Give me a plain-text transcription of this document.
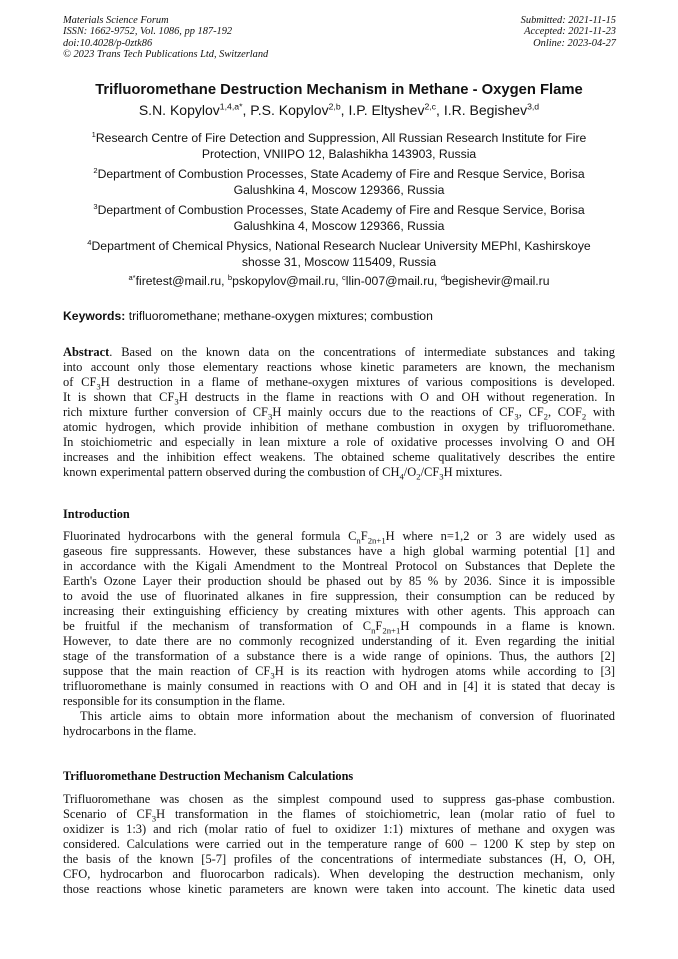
Materials Science Forum
ISSN: 1662-9752, Vol. 1086, pp 187-192
doi:10.4028/p-0ztk86
© 2023 Trans Tech Publications Ltd, Switzerland
Submitted: 2021-11-15
Accepted: 2021-11-23
Online: 2023-04-27
Trifluoromethane Destruction Mechanism in Methane - Oxygen Flame
S.N. Kopylov$^{1,4,a*}$, P.S. Kopylov$^{2,b}$, I.P. Eltyshev$^{2,c}$, I.R. Begishev$^{3,d}$
$^1$Research Centre of Fire Detection and Suppression, All Russian Research Institute for Fire
Protection, VNIIPO 12, Balashikha 143903, Russia
$^2$Department of Combustion Processes, State Academy of Fire and Resque Service, Borisa
Galushkina 4, Moscow 129366, Russia
$^3$Department of Combustion Processes, State Academy of Fire and Resque Service, Borisa
Galushkina 4, Moscow 129366, Russia
$^4$Department of Chemical Physics, National Research Nuclear University MEPhI, Kashirskoye
shosse 31, Moscow 115409, Russia
$^{a*}$firetest@mail.ru, $^b$pskopylov@mail.ru, $^c$llin-007@mail.ru, $^d$begishevir@mail.ru
Keywords: trifluoromethane; methane-oxygen mixtures; combustion
Abstract. Based on the known data on the concentrations of intermediate substances and taking
into account only those elementary reactions whose kinetic parameters are known, the mechanism
of $CF_3H$ destruction in a flame of methane-oxygen mixtures of various compositions is developed.
It is shown that $CF_3H$ destructs in the flame in reactions with O and OH without regeneration. In
rich mixture further conversion of $CF_3H$ mainly occurs due to the reactions of $CF_3$, $CF_2$, $COF_2$ with
atomic hydrogen, which provide inhibition of methane combustion in oxygen by trifluoromethane.
In stoichiometric and especially in lean mixture a role of oxidative processes involving O and OH
increases and the inhibition effect weakens. The obtained scheme qualitatively describes the entire
known experimental pattern observed during the combustion of $CH_4/O_2/CF_3H$ mixtures.
Introduction
Fluorinated hydrocarbons with the general formula $C_nF_{2n+1}H$ where n=1,2 or 3 are widely used as
gaseous fire suppressants. However, these substances have a high global warming potential [1] and
in accordance with the Kigali Amendment to the Montreal Protocol on Substances that Deplete the
Earth's Ozone Layer their production should be phased out by 85 % by 2036. Since it is impossible
to avoid the use of fluorinated alkanes in fire suppression, their consumption can be reduced by
increasing their extinguishing efficiency by creating mixtures with other agents. This approach can
be fruitful if the mechanism of transformation of $C_nF_{2n+1}H$ compounds in a flame is known.
However, to date there are no commonly recognized understanding of it. Even regarding the initial
stage of the transformation of a substance there is a wide range of opinions. Thus, the authors [2]
suppose that the main reaction of $CF_3H$ is its reaction with hydrogen atoms while according to [3]
trifluoromethane is mainly consumed in reactions with O and OH and in [4] it is stated that decay is
responsible for its consumption in the flame.
This article aims to obtain more information about the mechanism of conversion of fluorinated
hydrocarbons in the flame.
Trifluoromethane Destruction Mechanism Calculations
Trifluoromethane was chosen as the simplest compound used to suppress gas-phase combustion.
Scenario of $CF_3H$ transformation in the flames of stoichiometric, lean (molar ratio of fuel to
oxidizer is 1:3) and rich (molar ratio of fuel to oxidizer 1:1) mixtures of methane and oxygen was
considered. Calculations were carried out in the temperature range of 600 – 1200 K step by step on
the basis of the known [5-7] profiles of the concentrations of intermediate substances (H, O, OH,
CFO, hydrocarbon and fluorocarbon radicals). When developing the destruction mechanism, only
those reactions whose kinetic parameters are known were taken into account. The kinetic data used
